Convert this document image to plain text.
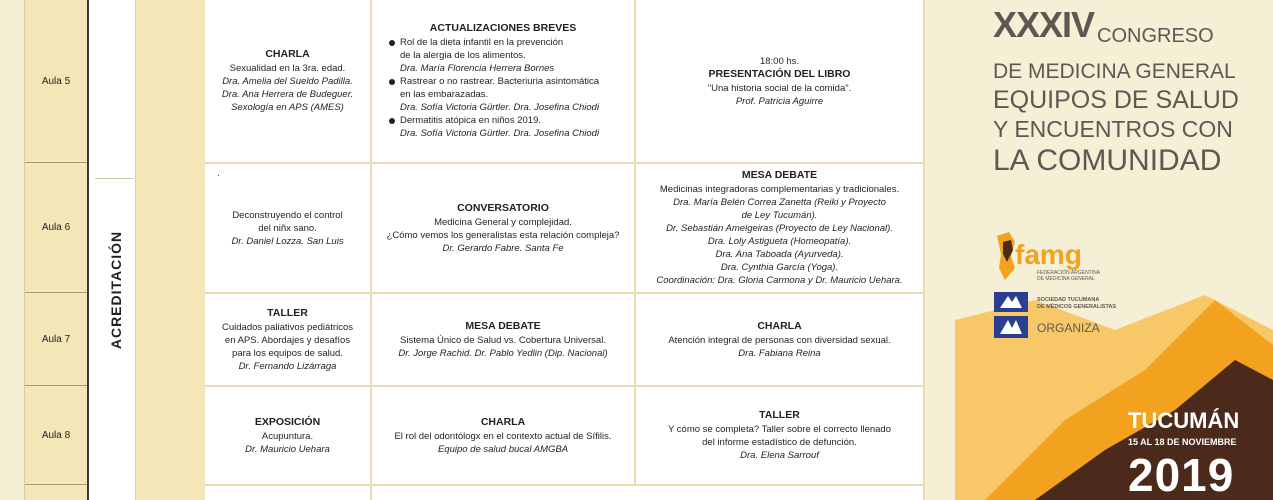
Aula 5
Aula 6
Aula 7
Aula 8
ACREDITACIÓN
CHARLA
Sexualidad en la 3ra. edad.
Dra. Amelia del Sueldo Padilla.
Dra. Ana Herrera de Budeguer.
Sexología en APS (AMES)
ACTUALIZACIONES BREVES
Rol de la dieta infantil en la prevención
de la alergia de los alimentos.
Dra. María Florencia Herrera Bornes
Rastrear o no rastrear. Bacteriuria asintomática
en las embarazadas.
Dra. Sofía Victoria Gürtler. Dra. Josefina Chiodi
Dermatitis atópica en niños 2019.
Dra. Sofía Victoria Gürtler. Dra. Josefina Chiodi
18:00 hs.
PRESENTACIÓN DEL LIBRO
"Una historia social de la comida".
Prof. Patricia Aguirre
Deconstruyendo el control
del niñx sano.
Dr. Daniel Lozza. San Luis
·
CONVERSATORIO
Medicina General y complejidad.
¿Cómo vemos los generalistas esta relación compleja?
Dr. Gerardo Fabre. Santa Fe
MESA DEBATE
Medicinas integradoras complementarias y tradicionales.
Dra. María Belén Correa Zanetta (Reiki y Proyecto
de Ley Tucumán).
Dr. Sebastián Ameigeiras (Proyecto de Ley Nacional).
Dra. Loly Astigueta (Homeopatía).
Dra. Ana Taboada (Ayurveda).
Dra. Cynthia García (Yoga).
Coordinación: Dra. Gloria Carmona y Dr. Mauricio Uehara.
TALLER
Cuidados paliativos pediátricos
en APS. Abordajes y desafíos
para los equipos de salud.
Dr. Fernando Lizárraga
MESA DEBATE
Sistema Único de Salud vs. Cobertura Universal.
Dr. Jorge Rachid. Dr. Pablo Yedlin (Dip. Nacional)
CHARLA
Atención integral de personas con diversidad sexual.
Dra. Fabiana Reina
EXPOSICIÓN
Acupuntura.
Dr. Mauricio Uehara
CHARLA
El rol del odontólogx en el contexto actual de Sífilis.
Equipo de salud bucal AMGBA
TALLER
Y cómo se completa? Taller sobre el correcto llenado
del informe estadístico de defunción.
Dra. Elena Sarrouf
XXXIV CONGRESO
DE MEDICINA GENERAL
EQUIPOS DE SALUD
Y ENCUENTROS CON
LA COMUNIDAD
famg
FEDERACIÓN ARGENTINA
DE MEDICINA GENERAL
SOCIEDAD TUCUMANA
DE MÉDICOS GENERALISTAS
ORGANIZA
TUCUMÁN
15 AL 18 DE NOVIEMBRE
2019
